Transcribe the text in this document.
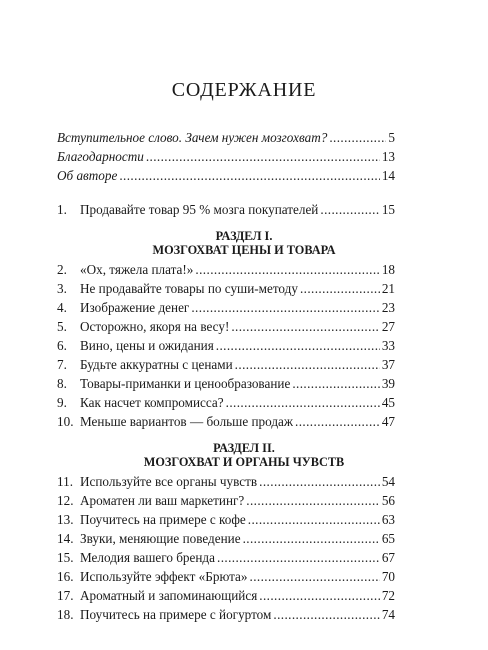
СОДЕРЖАНИЕ
Вступительное слово. Зачем нужен мозгохват? .....	5
Благодарности .....	13
Об авторе .....	14
1. Продавайте товар 95 % мозга покупателей .....	15
РАЗДЕЛ I.
МОЗГОХВАТ ЦЕНЫ И ТОВАРА
2. «Ох, тяжела плата!» .....	18
3. Не продавайте товары по суши-методу .....	21
4. Изображение денег .....	23
5. Осторожно, якоря на весу! .....	27
6. Вино, цены и ожидания .....	33
7. Будьте аккуратны с ценами .....	37
8. Товары-приманки и ценообразование .....	39
9. Как насчет компромисса? .....	45
10. Меньше вариантов — больше продаж .....	47
РАЗДЕЛ II.
МОЗГОХВАТ И ОРГАНЫ ЧУВСТВ
11. Используйте все органы чувств .....	54
12. Ароматен ли ваш маркетинг? .....	56
13. Поучитесь на примере с кофе .....	63
14. Звуки, меняющие поведение .....	65
15. Мелодия вашего бренда .....	67
16. Используйте эффект «Брюта» .....	70
17. Ароматный и запоминающийся .....	72
18. Поучитесь на примере с йогуртом .....	74
